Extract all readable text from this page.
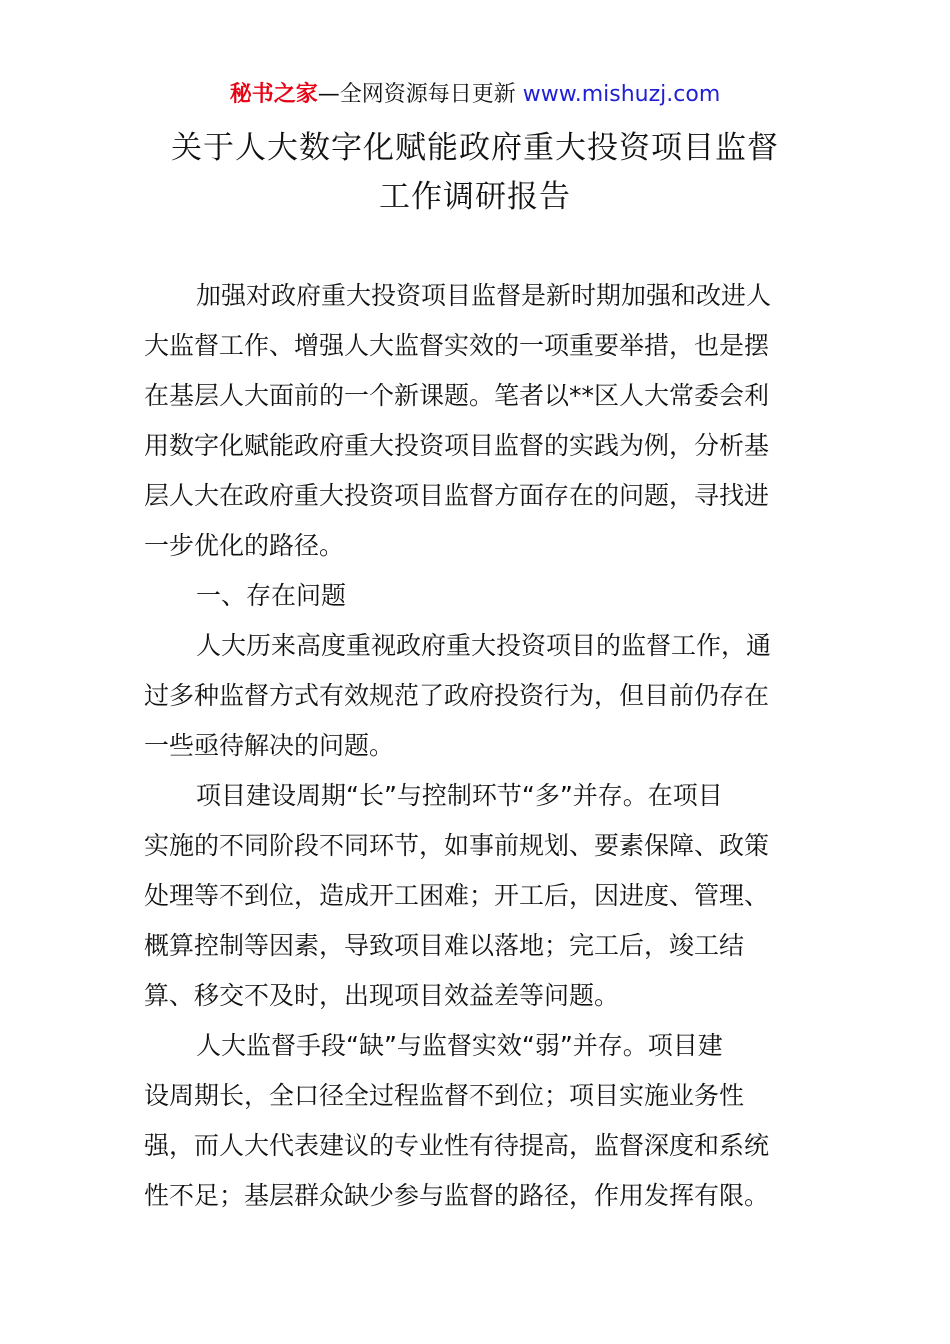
秘书之家—全网资源每日更新 www.mishuzj.com
关于人大数字化赋能政府重大投资项目监督
工作调研报告
加强对政府重大投资项目监督是新时期加强和改进人
大监督工作、增强人大监督实效的一项重要举措，也是摆
在基层人大面前的一个新课题。笔者以**区人大常委会利
用数字化赋能政府重大投资项目监督的实践为例，分析基
层人大在政府重大投资项目监督方面存在的问题，寻找进
一步优化的路径。
一、存在问题
人大历来高度重视政府重大投资项目的监督工作，通
过多种监督方式有效规范了政府投资行为，但目前仍存在
一些亟待解决的问题。
项目建设周期“长”与控制环节“多”并存。在项目
实施的不同阶段不同环节，如事前规划、要素保障、政策
处理等不到位，造成开工困难；开工后，因进度、管理、
概算控制等因素，导致项目难以落地；完工后，竣工结
算、移交不及时，出现项目效益差等问题。
人大监督手段“缺”与监督实效“弱”并存。项目建
设周期长，全口径全过程监督不到位；项目实施业务性
强，而人大代表建议的专业性有待提高，监督深度和系统
性不足；基层群众缺少参与监督的路径，作用发挥有限。
